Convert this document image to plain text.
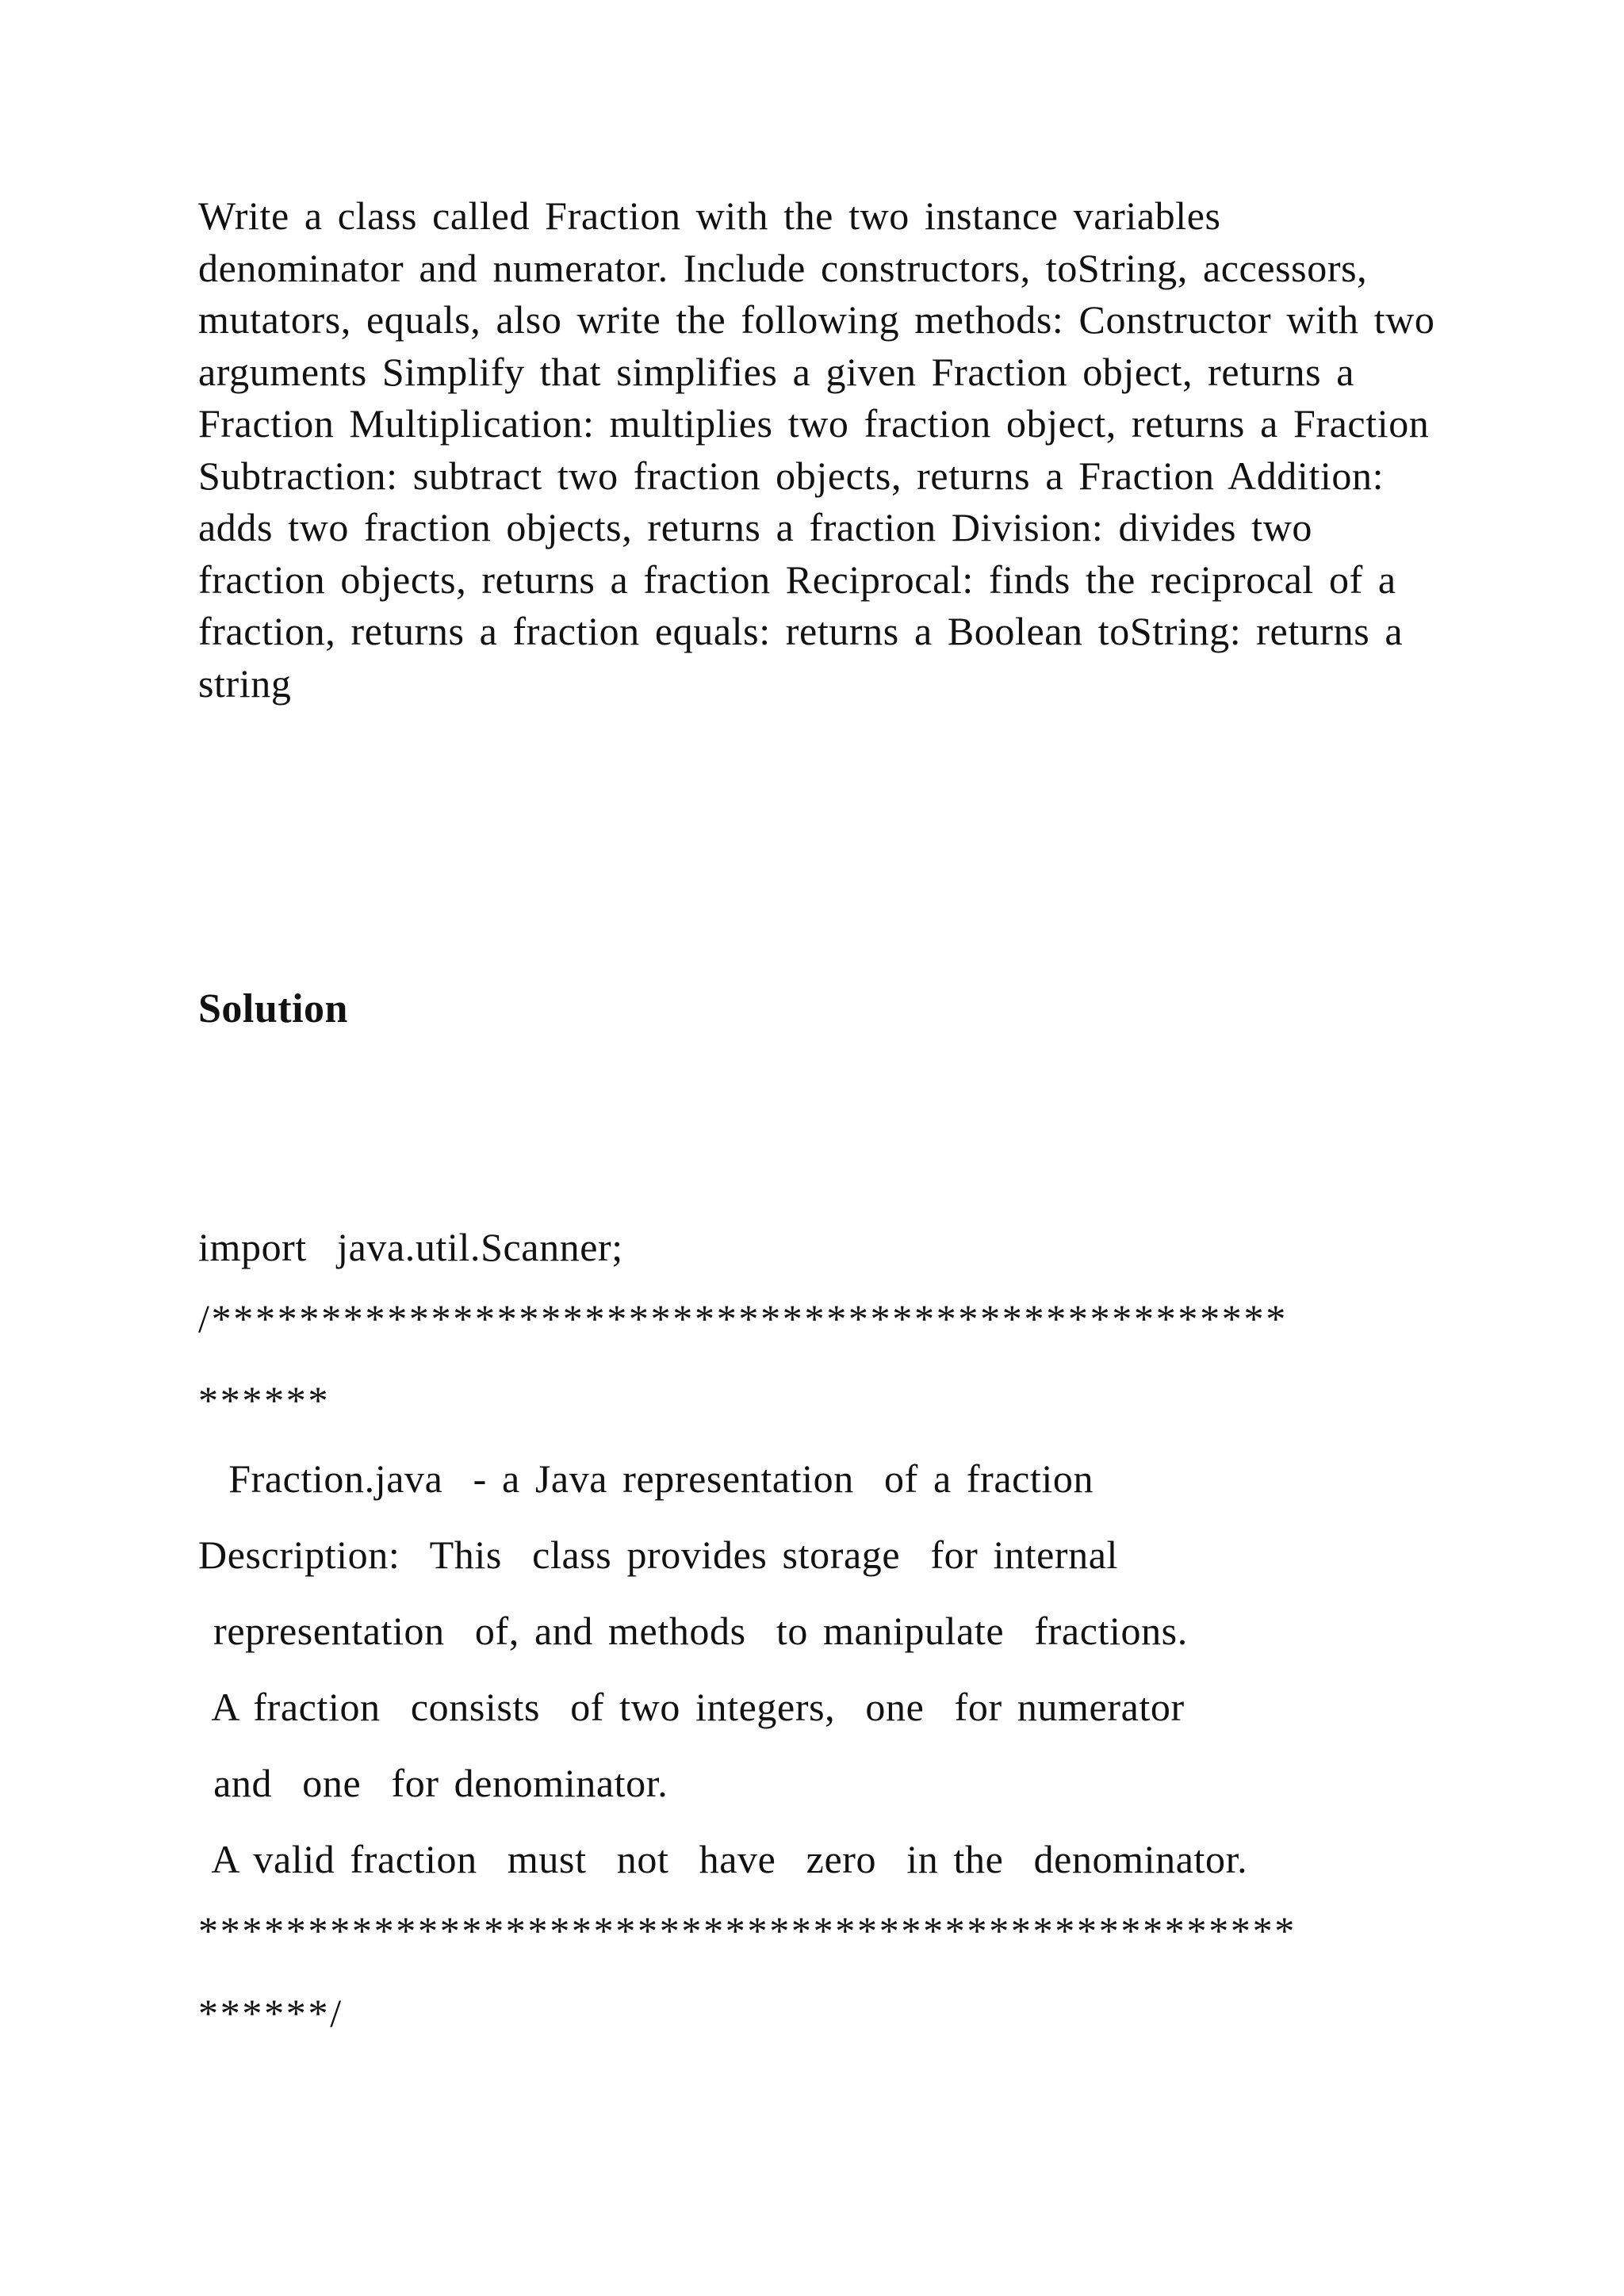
Write a class called Fraction with the two instance variables denominator and numerator. Include constructors, toString, accessors, mutators, equals, also write the following methods: Constructor with two arguments Simplify that simplifies a given Fraction object, returns a Fraction Multiplication: multiplies two fraction object, returns a Fraction Subtraction: subtract two fraction objects, returns a Fraction Addition: adds two fraction objects, returns a fraction Division: divides two fraction objects, returns a fraction Reciprocal: finds the reciprocal of a fraction, returns a fraction equals: returns a Boolean toString: returns a string
Solution
import  java.util.Scanner;
/*************************************************
******
Fraction.java  - a Java representation  of a fraction
Description:  This  class provides storage  for internal
representation  of, and methods  to manipulate  fractions.
A fraction  consists  of two integers,  one  for numerator
and  one  for denominator.
A valid fraction  must  not  have  zero  in the  denominator.
**************************************************
******/
